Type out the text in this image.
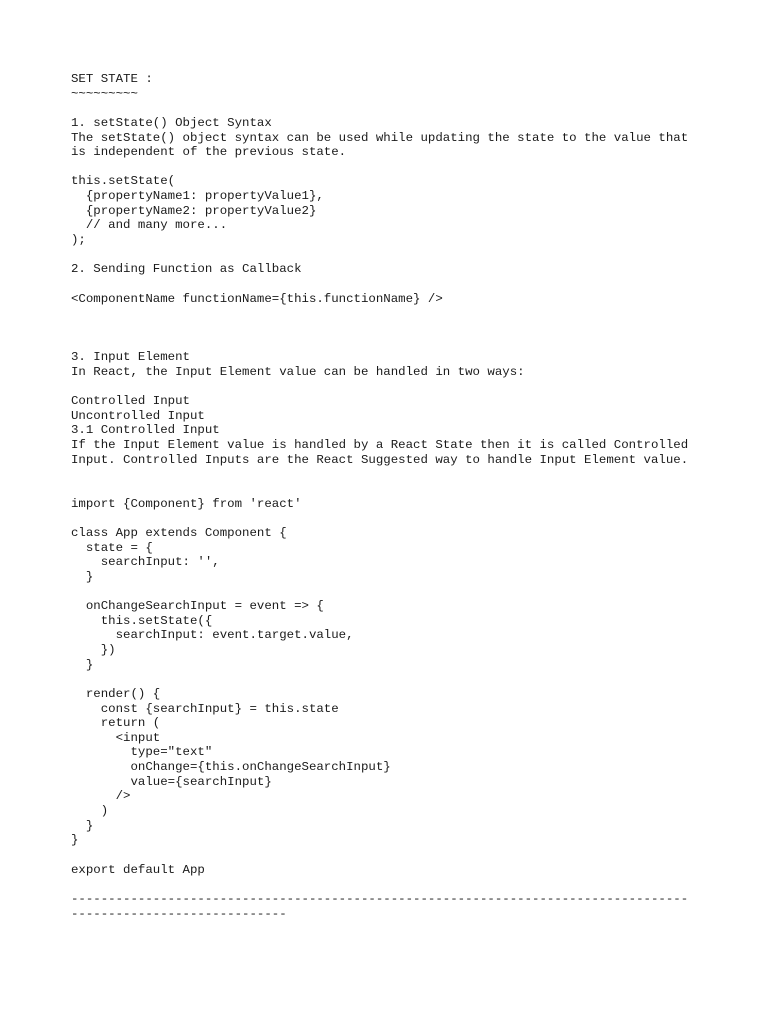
SET STATE :
~~~~~~~~~
1. setState() Object Syntax
The setState() object syntax can be used while updating the state to the value that
is independent of the previous state.
this.setState(
{propertyName1: propertyValue1},
{propertyName2: propertyValue2}
// and many more...
);
2. Sending Function as Callback
<ComponentName functionName={this.functionName} />
3. Input Element
In React, the Input Element value can be handled in two ways:
Controlled Input
Uncontrolled Input
3.1 Controlled Input
If the Input Element value is handled by a React State then it is called Controlled
Input. Controlled Inputs are the React Suggested way to handle Input Element value.
import {Component} from 'react'
class App extends Component {
state = {
searchInput: '',
}
onChangeSearchInput = event => {
this.setState({
searchInput: event.target.value,
})
}
render() {
const {searchInput} = this.state
return (
<input
type="text"
onChange={this.onChangeSearchInput}
value={searchInput}
/>
)
}
}
export default App
-----------------------------------------------------------------------------------
-----------------------------
